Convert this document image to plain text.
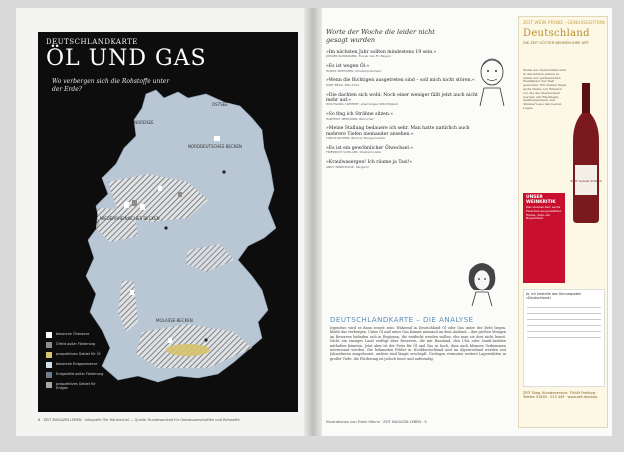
NORDSEE
OSTSEE
NORDDEUTSCHES BECKEN
NIEDERRHEINISCHES BECKEN
MOLASSE-BECKEN
DEUTSCHLANDKARTE
ÖL UND GAS
Wo verbergen sich die Rohstoffe unter der Erde?
bekannte Ölreserve
Ölfeld außer Förderung
prospektives Gebiet für Öl
bekannte Erdgasreserve
Erdgasfeld außer Förderung
prospektives Gebiet für Erdgas
8 · ZEIT MAGAZIN LEBEN · Infografik Ole Häntzschel — Quelle: Bundesanstalt für Geowissenschaften und Rohstoffe
Worte der Woche die leider nicht gesagt wurden
»Im nächsten Jahr sollten mindestens 19 sein.«
JÜRGEN KLINSMANN, Trainer des FC Bayern
»Es ist wegen Öl.«
HORST SEEHOFER, Ministerpräsident
»Wenn die Richtigen ausgetreten sind – soll mich nicht stören.«
KURT BECK, SPD-Chef
»Die dachten sich wohl: Noch einer weniger fällt jetzt auch nicht mehr auf.«
WOLFGANG CLEMENT, ehemaliges SPD-Mitglied
»So fing ich Strähne sitzen.«
HARTMUT MEHDORN, Bahnchef
»Meine Stallung bedauere ich sehr. Man hatte natürlich auch mehrere Tiefen ineinander ansehen.«
TIPSUS BAYERN, Berliner Bürgermeister
»Es ist ein gewöhnlicher Ölwechsel.«
FRIEDRICH SCHILLER, Staatsminister
»Kraulwasergen! Ich räume ja Tasi!«
ANDY WINEHOUSE, Sängerin
DEUTSCHLANDKARTE – DIE ANALYSE
Irgendwo wird es dann soweit sein: Während in Deutschland Öl oder Gas unter der Erde liegen, bleibt das verborgen. Unter Öl und unter Gas kommt niemand an dem Ausland – ihre großen Mengen an Reserven befinden sich in Regionen, die entdeckt werden wollen, ehe man sie dort nicht kennt. Nicht ein einziges Land verfügt über Reserven, die mit Russland, den USA oder Saudi-Arabien mithalten könnten. Jetzt aber ist der Preis für Öl und Gas so hoch, dass auch kleinere Vorkommen interessant werden. Die bekannten Felder in Norddeutschland und im Alpenvorland werden seit Jahrzehnten ausgebeutet, andere sind längst erschöpft. Geologen vermuten weitere Lagerstätten in großer Tiefe, die Förderung ist jedoch teuer und aufwendig.
Illustrationen von Frank Höhne · ZEIT MAGAZIN LEBEN · 9
ZEIT WEIN PROBE · GENUSSEDITION
Deutschland
DIE ZEIT GÖTTER NEHMEN IHRE ART
Weine aus Deutschland sind in den letzten Jahren zu einem der spannendsten Weinländer der Welt geworden. Wir stellen Ihnen sechs Weine von Winzern vor, die Sie überraschen werden: mit Rieslingen, Spätburgundern und Silvanern aus den besten Lagen.
ZEIT Genuss Edition
UNSER WEINKRITIK
Das Genuss-Set: sechs Flaschen ausgewählter Weine, dazu ein Begleitheft.
Ja, ich bestelle das Genusspaket »Deutschland«
ZEIT Shop, Kundenservice, 79049 Freiburg · Telefon 01805 - 013 449 · www.zeit.de/shop
